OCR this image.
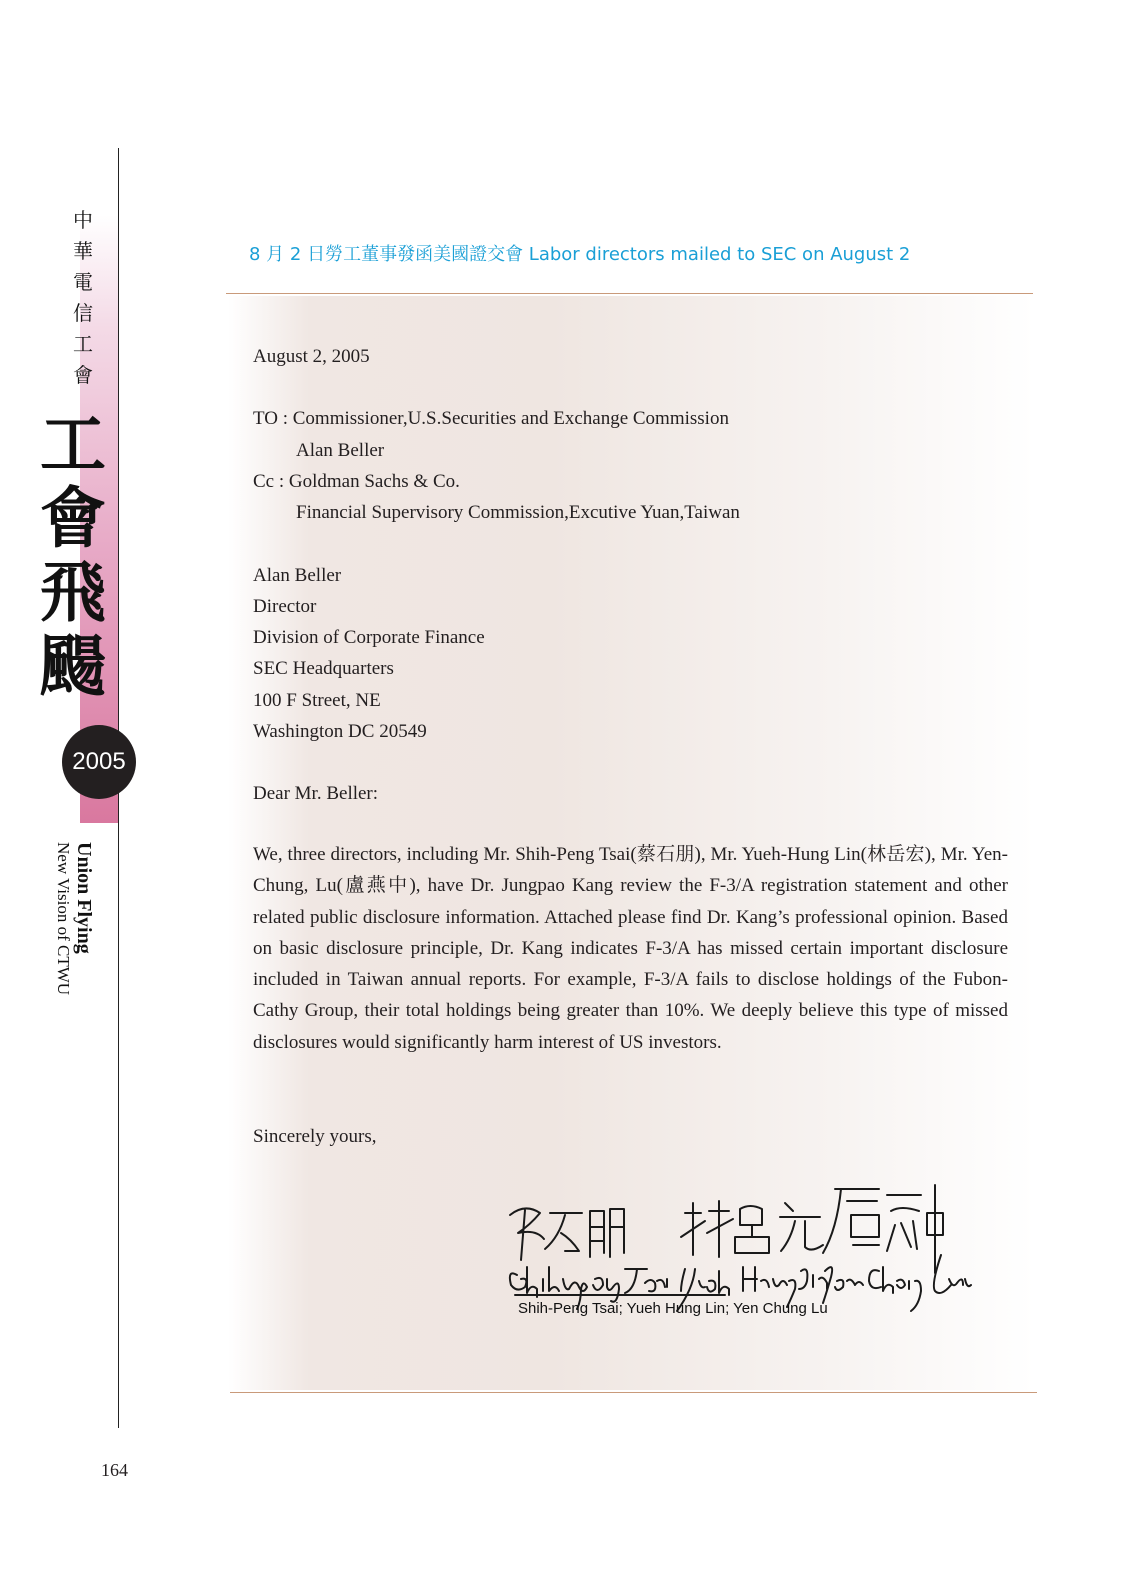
中華電信工會
工會飛颺
2005
Union Flying
New Vision of CTWU
164
8 月 2 日勞工董事發函美國證交會 Labor directors mailed to SEC on August 2
August 2, 2005
TO : Commissioner,U.S.Securities and Exchange Commission
Alan Beller
Cc : Goldman Sachs & Co.
Financial Supervisory Commission,Excutive Yuan,Taiwan
Alan Beller
Director
Division of Corporate Finance
SEC Headquarters
100 F Street, NE
Washington DC 20549
Dear Mr. Beller:
We, three directors, including Mr. Shih-Peng Tsai(蔡石朋), Mr. Yueh-Hung Lin(林岳宏), Mr. Yen-Chung, Lu(盧燕中), have Dr. Jungpao Kang review the F-3/A registration statement and other related public disclosure information. Attached please find Dr. Kang’s professional opinion. Based on basic disclosure principle, Dr. Kang indicates F-3/A has missed certain important disclosure included in Taiwan annual reports. For example, F-3/A fails to disclose holdings of the Fubon-Cathy Group, their total holdings being greater than 10%. We deeply believe this type of missed disclosures would significantly harm interest of US investors.
Sincerely yours,
Shih-Peng Tsai; Yueh Hung Lin; Yen Chung Lu
